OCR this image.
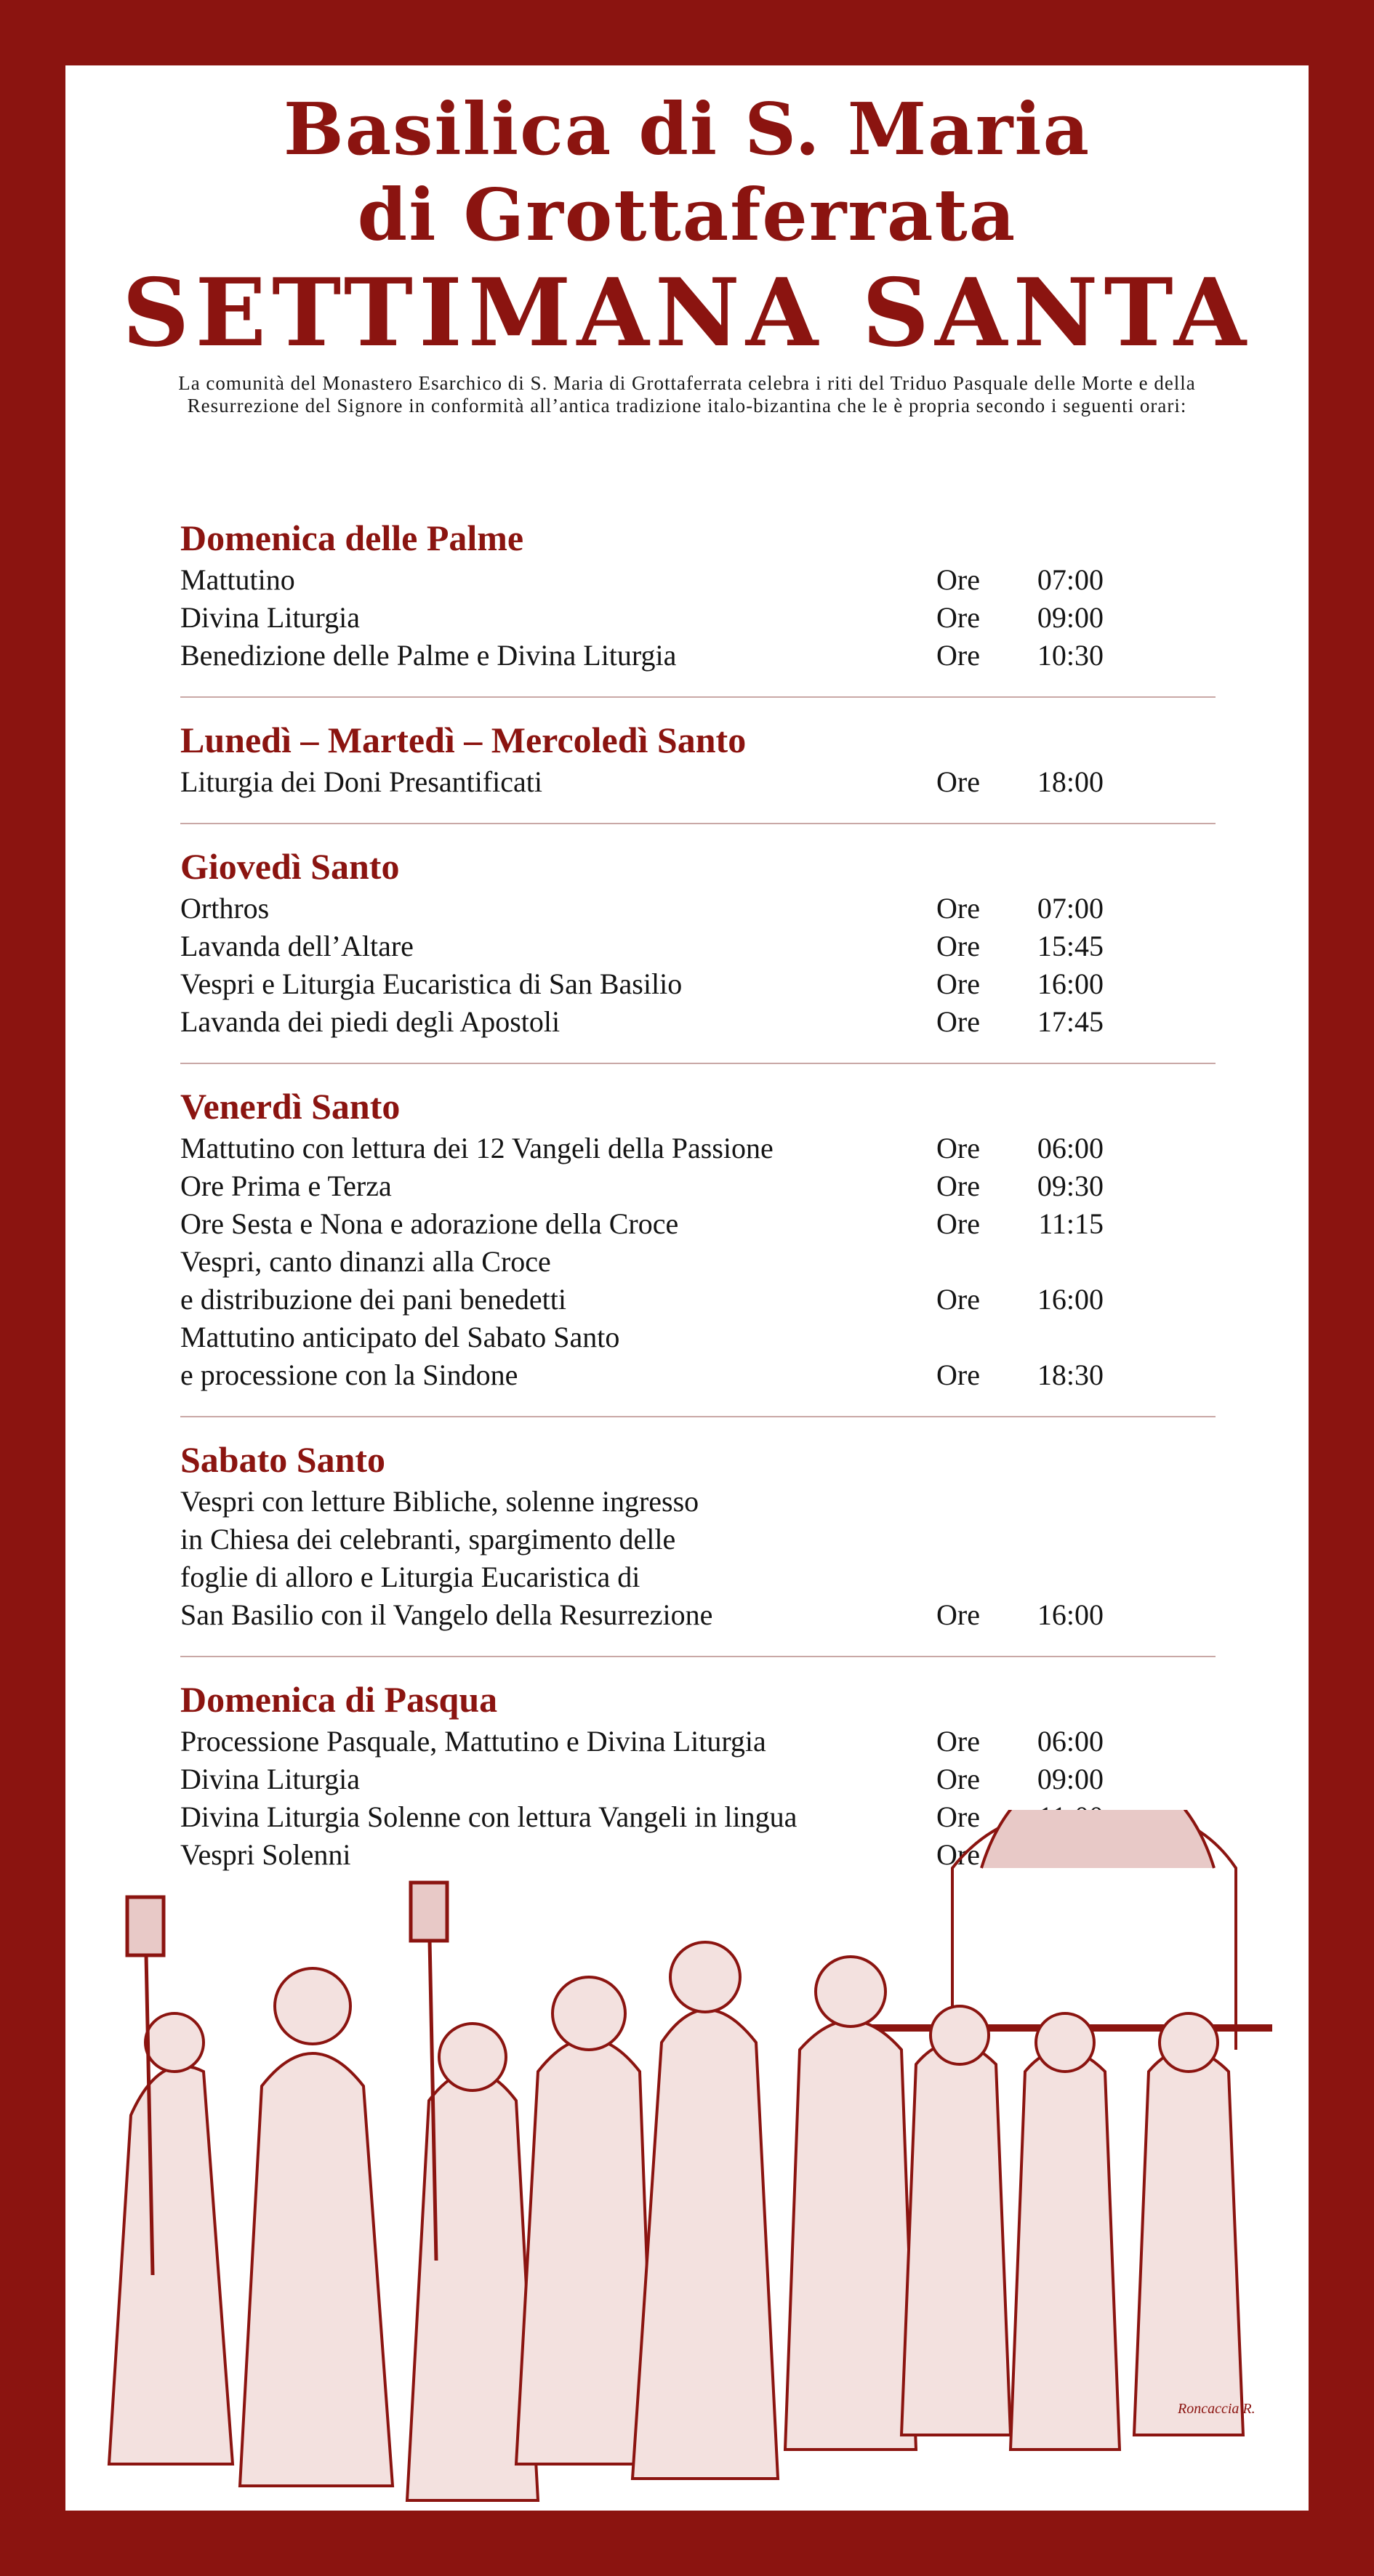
Basilica di S. Maria
di Grottaferrata
SETTIMANA SANTA

La comunità del Monastero Esarchico di S. Maria di Grottaferrata celebra i riti del Triduo Pasquale delle Morte e della Resurrezione del Signore in conformità all’antica tradizione italo-bizantina che le è propria secondo i seguenti orari:

Domenica delle Palme
Mattutino	Ore	07:00
Divina Liturgia	Ore	09:00
Benedizione delle Palme e Divina Liturgia	Ore	10:30
Lunedì – Martedì – Mercoledì Santo
Liturgia dei Doni Presantificati	Ore	18:00
Giovedì Santo
Orthros	Ore	07:00
Lavanda dell’Altare	Ore	15:45
Vespri e Liturgia Eucaristica di San Basilio	Ore	16:00
Lavanda dei piedi degli Apostoli	Ore	17:45
Venerdì Santo
Mattutino con lettura dei 12 Vangeli della Passione	Ore	06:00
Ore Prima e Terza	Ore	09:30
Ore Sesta e Nona e adorazione della Croce	Ore	11:15
Vespri, canto dinanzi alla Croce
e distribuzione dei pani benedetti	Ore	16:00
Mattutino anticipato del Sabato Santo
e processione con la Sindone	Ore	18:30
Sabato Santo
Vespri con letture Bibliche, solenne ingresso
in Chiesa dei celebranti, spargimento delle
foglie di alloro e Liturgia Eucaristica di
San Basilio con il Vangelo della Resurrezione	Ore	16:00
Domenica di Pasqua
Processione Pasquale, Mattutino e Divina Liturgia	Ore	06:00
Divina Liturgia	Ore	09:00
Divina Liturgia Solenne con lettura Vangeli in lingua	Ore
Vespri Solenni	Ore
Roncaccia R.
